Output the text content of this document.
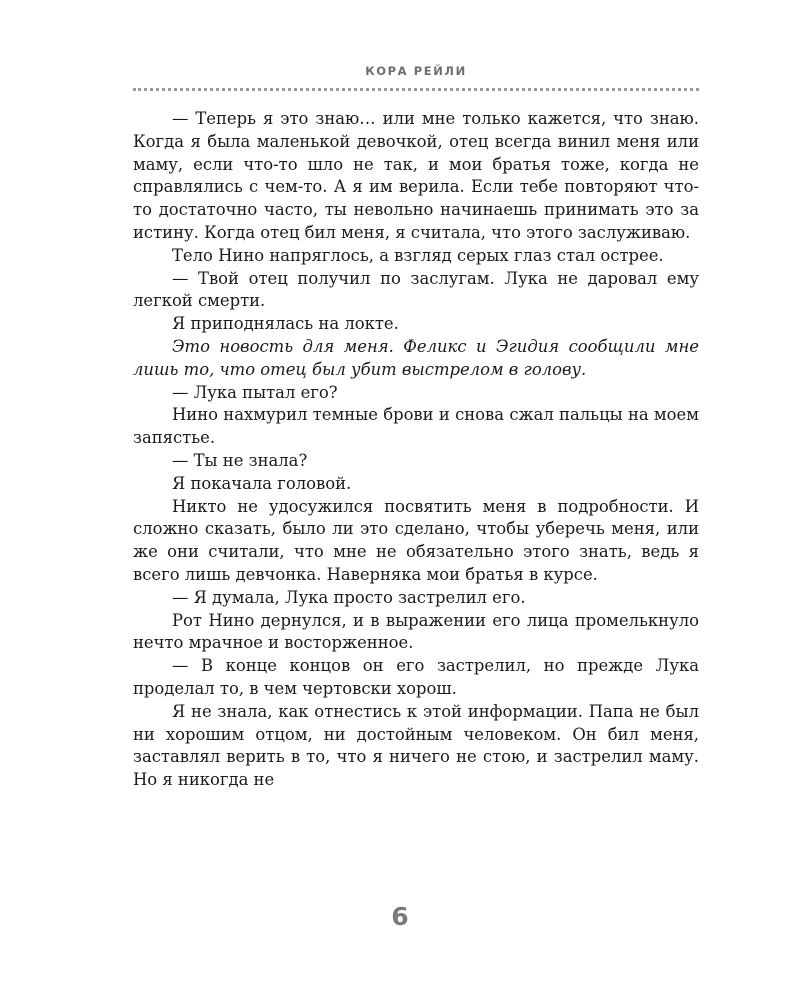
КОРА РЕЙЛИ

— Теперь я это знаю… или мне только кажется, что знаю. Когда я была маленькой девочкой, отец всегда винил меня или маму, если что-то шло не так, и мои братья тоже, когда не справлялись с чем-то. А я им верила. Если тебе повторяют что-то достаточно часто, ты невольно начинаешь принимать это за истину. Когда отец бил меня, я считала, что этого заслуживаю.

Тело Нино напряглось, а взгляд серых глаз стал острее.

— Твой отец получил по заслугам. Лука не даровал ему легкой смерти.

Я приподнялась на локте.

Это новость для меня. Феликс и Эгидия сообщили мне лишь то, что отец был убит выстрелом в голову.

— Лука пытал его?

Нино нахмурил темные брови и снова сжал пальцы на моем запястье.

— Ты не знала?

Я покачала головой.

Никто не удосужился посвятить меня в подробности. И сложно сказать, было ли это сделано, чтобы уберечь меня, или же они считали, что мне не обязательно этого знать, ведь я всего лишь девчонка. Наверняка мои братья в курсе.

— Я думала, Лука просто застрелил его.

Рот Нино дернулся, и в выражении его лица промелькнуло нечто мрачное и восторженное.

— В конце концов он его застрелил, но прежде Лука проделал то, в чем чертовски хорош.

Я не знала, как отнестись к этой информации. Папа не был ни хорошим отцом, ни достойным человеком. Он бил меня, заставлял верить в то, что я ничего не стою, и застрелил маму. Но я никогда не

6
